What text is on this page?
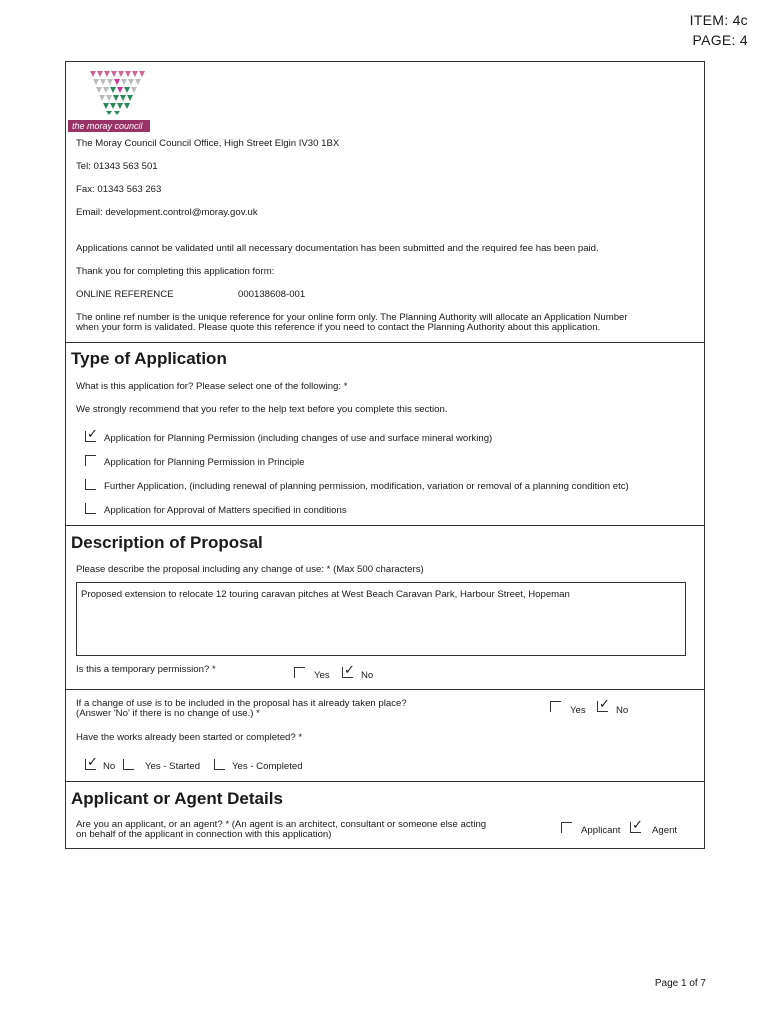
ITEM: 4c
PAGE: 4
the moray council
The Moray Council Council Office, High Street Elgin IV30 1BX
Tel: 01343 563 501
Fax: 01343 563 263
Email: development.control@moray.gov.uk
Applications cannot be validated until all necessary documentation has been submitted and the required fee has been paid.
Thank you for completing this application form:
ONLINE REFERENCE	000138608-001
The online ref number is the unique reference for your online form only. The Planning Authority will allocate an Application Number
when your form is validated. Please quote this reference if you need to contact the Planning Authority about this application.
Type of Application
What is this application for? Please select one of the following: *
We strongly recommend that you refer to the help text before you complete this section.
✓ Application for Planning Permission (including changes of use and surface mineral working)
Application for Planning Permission in Principle
Further Application, (including renewal of planning permission, modification, variation or removal of a planning condition etc)
Application for Approval of Matters specified in conditions
Description of Proposal
Please describe the proposal including any change of use: * (Max 500 characters)
Proposed extension to relocate 12 touring caravan pitches at West Beach Caravan Park, Harbour Street, Hopeman
Is this a temporary permission? *
Yes ✓ No
If a change of use is to be included in the proposal has it already taken place?
(Answer 'No' if there is no change of use.) *	Yes ✓ No
Have the works already been started or completed? *
✓ No	Yes - Started	Yes - Completed
Applicant or Agent Details
Are you an applicant, or an agent? * (An agent is an architect, consultant or someone else acting
on behalf of the applicant in connection with this application)	Applicant ✓ Agent
Page 1 of 7
